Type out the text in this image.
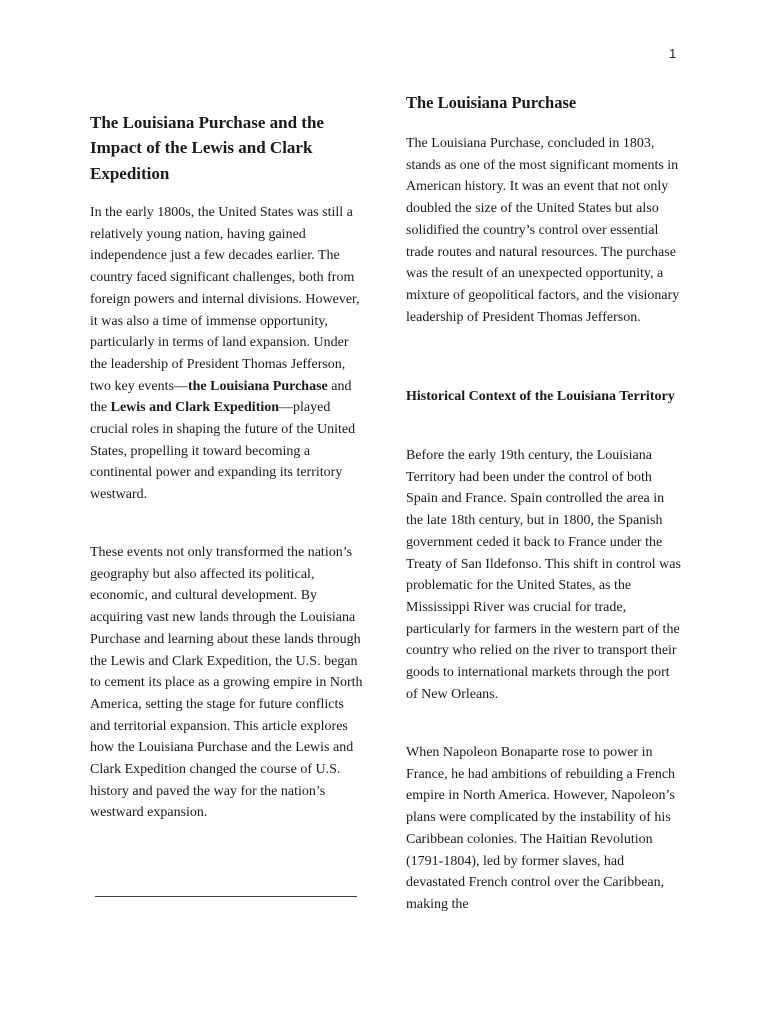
1
The Louisiana Purchase and the Impact of the Lewis and Clark Expedition

In the early 1800s, the United States was still a relatively young nation, having gained independence just a few decades earlier. The country faced significant challenges, both from foreign powers and internal divisions. However, it was also a time of immense opportunity, particularly in terms of land expansion. Under the leadership of President Thomas Jefferson, two key events—the Louisiana Purchase and the Lewis and Clark Expedition—played crucial roles in shaping the future of the United States, propelling it toward becoming a continental power and expanding its territory westward.

These events not only transformed the nation’s geography but also affected its political, economic, and cultural development. By acquiring vast new lands through the Louisiana Purchase and learning about these lands through the Lewis and Clark Expedition, the U.S. began to cement its place as a growing empire in North America, setting the stage for future conflicts and territorial expansion. This article explores how the Louisiana Purchase and the Lewis and Clark Expedition changed the course of U.S. history and paved the way for the nation’s westward expansion.

The Louisiana Purchase

The Louisiana Purchase, concluded in 1803, stands as one of the most significant moments in American history. It was an event that not only doubled the size of the United States but also solidified the country’s control over essential trade routes and natural resources. The purchase was the result of an unexpected opportunity, a mixture of geopolitical factors, and the visionary leadership of President Thomas Jefferson.

Historical Context of the Louisiana Territory

Before the early 19th century, the Louisiana Territory had been under the control of both Spain and France. Spain controlled the area in the late 18th century, but in 1800, the Spanish government ceded it back to France under the Treaty of San Ildefonso. This shift in control was problematic for the United States, as the Mississippi River was crucial for trade, particularly for farmers in the western part of the country who relied on the river to transport their goods to international markets through the port of New Orleans.

When Napoleon Bonaparte rose to power in France, he had ambitions of rebuilding a French empire in North America. However, Napoleon’s plans were complicated by the instability of his Caribbean colonies. The Haitian Revolution (1791-1804), led by former slaves, had devastated French control over the Caribbean, making the
